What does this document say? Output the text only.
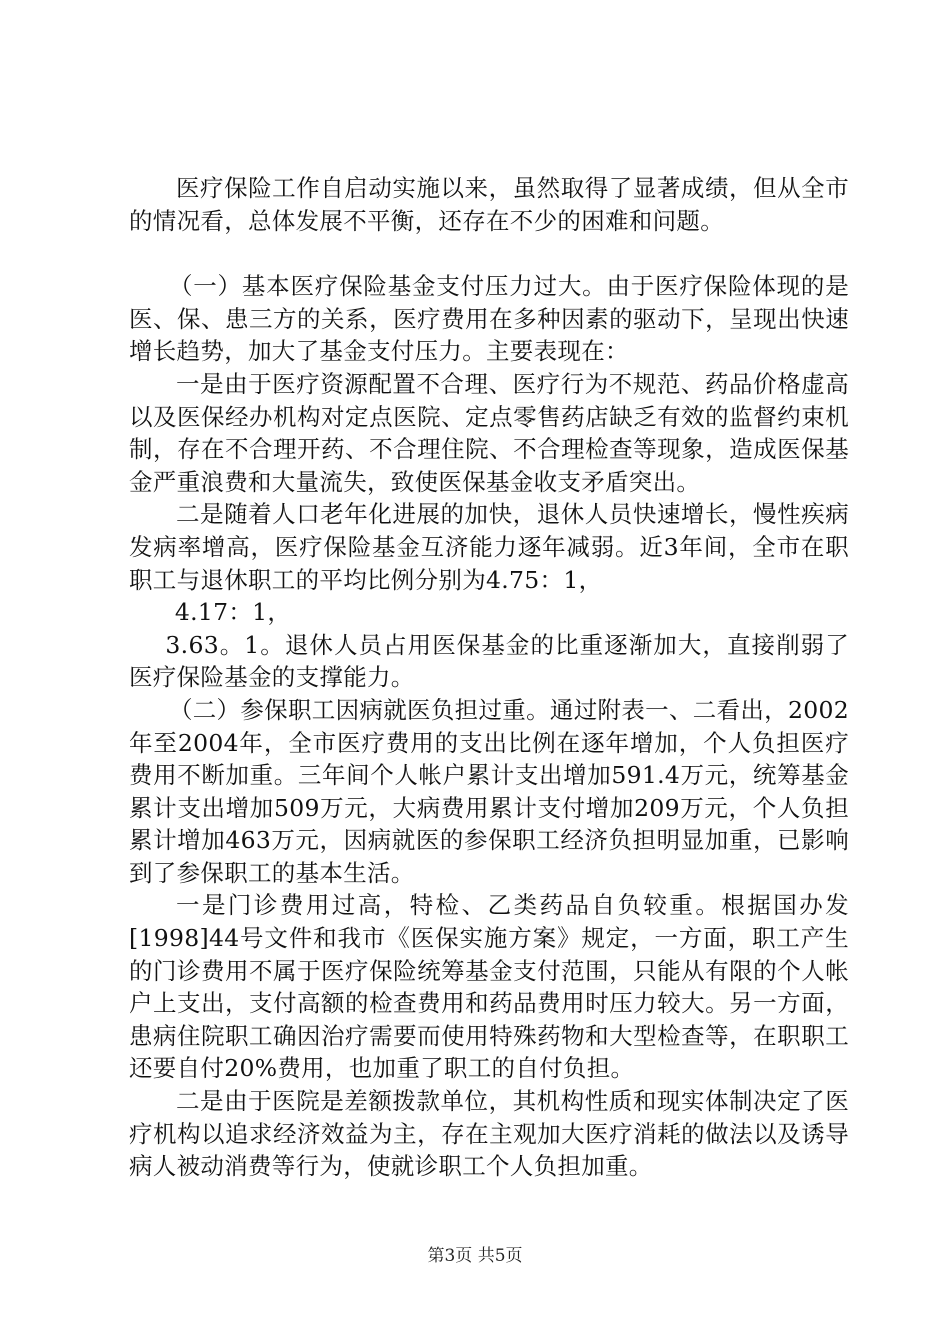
医疗保险工作自启动实施以来，虽然取得了显著成绩，但从全市的情况看，总体发展不平衡，还存在不少的困难和问题。

（一）基本医疗保险基金支付压力过大。由于医疗保险体现的是医、保、患三方的关系，医疗费用在多种因素的驱动下，呈现出快速增长趋势，加大了基金支付压力。主要表现在：

一是由于医疗资源配置不合理、医疗行为不规范、药品价格虚高以及医保经办机构对定点医院、定点零售药店缺乏有效的监督约束机制，存在不合理开药、不合理住院、不合理检查等现象，造成医保基金严重浪费和大量流失，致使医保基金收支矛盾突出。

二是随着人口老年化进展的加快，退休人员快速增长，慢性疾病发病率增高，医疗保险基金互济能力逐年减弱。近3年间，全市在职职工与退休职工的平均比例分别为4.75：1，

4.17：1，

3.63。1。退休人员占用医保基金的比重逐渐加大，直接削弱了医疗保险基金的支撑能力。

（二）参保职工因病就医负担过重。通过附表一、二看出，2002年至2004年，全市医疗费用的支出比例在逐年增加，个人负担医疗费用不断加重。三年间个人帐户累计支出增加591.4万元，统筹基金累计支出增加509万元，大病费用累计支付增加209万元，个人负担累计增加463万元，因病就医的参保职工经济负担明显加重，已影响到了参保职工的基本生活。

一是门诊费用过高，特检、乙类药品自负较重。根据国办发[1998]44号文件和我市《医保实施方案》规定，一方面，职工产生的门诊费用不属于医疗保险统筹基金支付范围，只能从有限的个人帐户上支出，支付高额的检查费用和药品费用时压力较大。另一方面，患病住院职工确因治疗需要而使用特殊药物和大型检查等，在职职工还要自付20%费用，也加重了职工的自付负担。

二是由于医院是差额拨款单位，其机构性质和现实体制决定了医疗机构以追求经济效益为主，存在主观加大医疗消耗的做法以及诱导病人被动消费等行为，使就诊职工个人负担加重。

第3页 共5页
